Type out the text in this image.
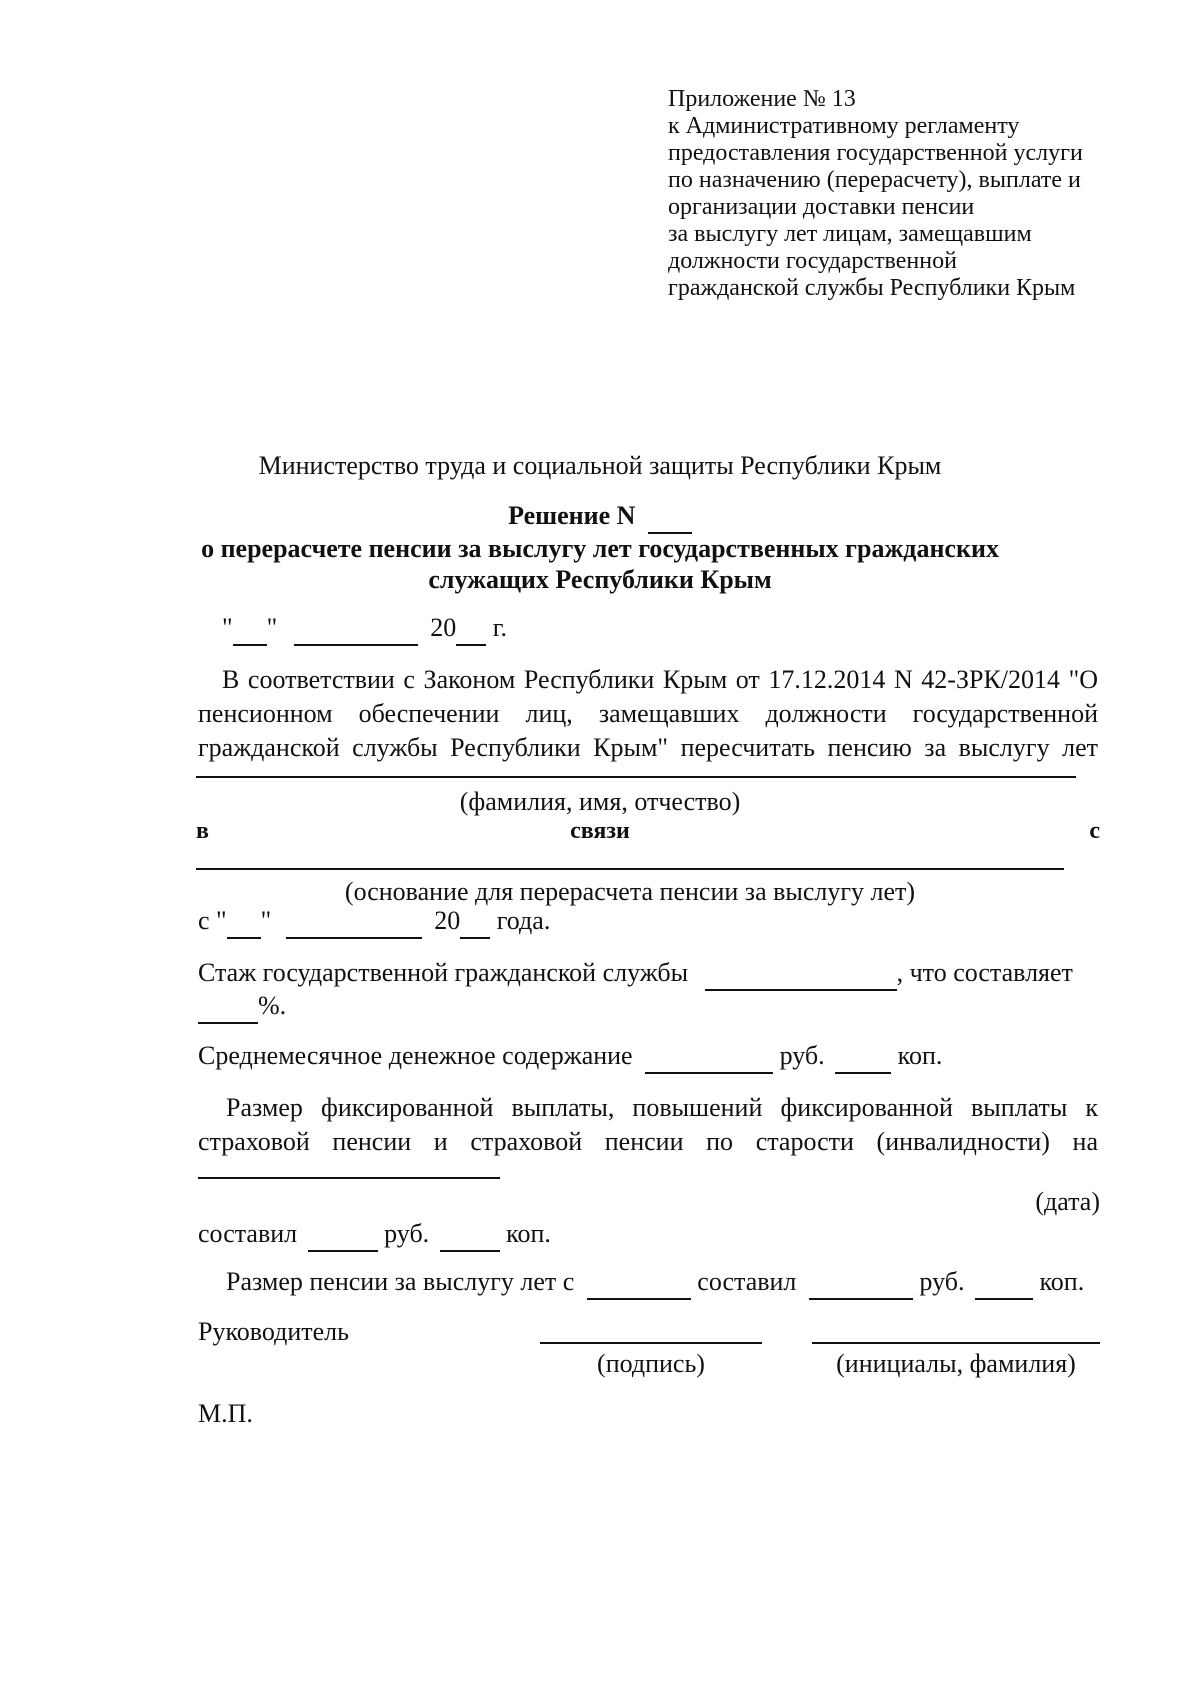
Приложение № 13
к Административному регламенту
предоставления государственной услуги
по назначению (перерасчету), выплате и
организации доставки пенсии
за выслугу лет лицам, замещавшим
должности государственной
гражданской службы Республики Крым
Министерство труда и социальной защиты Республики Крым
Решение N
о перерасчете пенсии за выслугу лет государственных гражданских
служащих Республики Крым
" "	20 г.
В соответствии с Законом Республики Крым от 17.12.2014 N 42-ЗРК/2014 "О
пенсионном обеспечении лиц, замещавших должности государственной
гражданской службы Республики Крым" пересчитать пенсию за выслугу лет
(фамилия, имя, отчество)
в	связи	с
(основание для перерасчета пенсии за выслугу лет)
с " "	20 года.
Стаж государственной гражданской службы	, что составляет
%.
Среднемесячное денежное содержание	руб.	коп.
Размер фиксированной выплаты, повышений фиксированной выплаты к
страховой пенсии и страховой пенсии по старости (инвалидности) на
(дата)
составил	руб.	коп.
Размер пенсии за выслугу лет с	составил	руб.	коп.
Руководитель
(подпись)	(инициалы, фамилия)
М.П.
